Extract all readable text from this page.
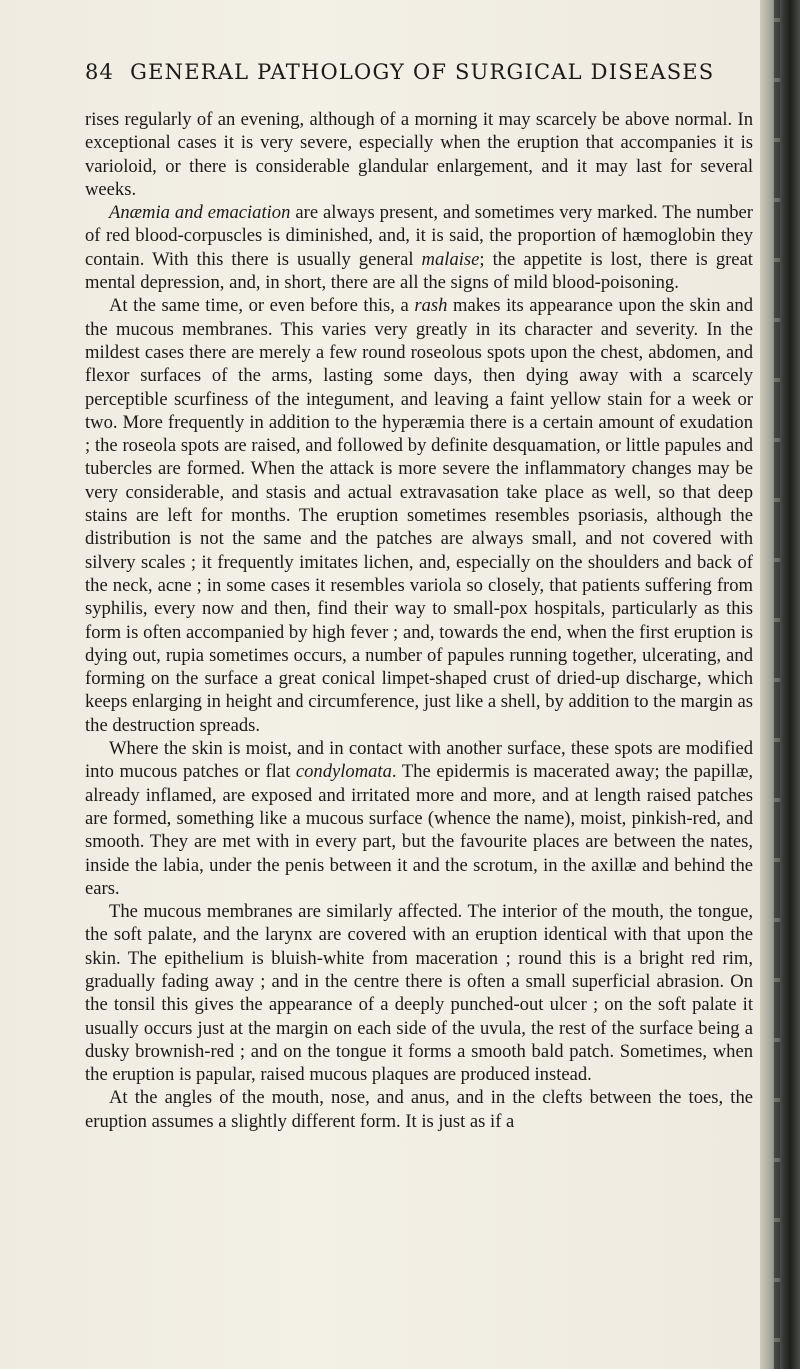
84 GENERAL PATHOLOGY OF SURGICAL DISEASES

rises regularly of an evening, although of a morning it may scarcely be above normal. In exceptional cases it is very severe, especially when the eruption that accompanies it is varioloid, or there is considerable glandular enlargement, and it may last for several weeks.

Anæmia and emaciation are always present, and sometimes very marked. The number of red blood-corpuscles is diminished, and, it is said, the proportion of hæmoglobin they contain. With this there is usually general malaise; the appetite is lost, there is great mental depression, and, in short, there are all the signs of mild blood-poisoning.

At the same time, or even before this, a rash makes its appearance upon the skin and the mucous membranes. This varies very greatly in its character and severity. In the mildest cases there are merely a few round roseolous spots upon the chest, abdomen, and flexor surfaces of the arms, lasting some days, then dying away with a scarcely perceptible scurfiness of the integument, and leaving a faint yellow stain for a week or two. More frequently in addition to the hyperæmia there is a certain amount of exudation ; the roseola spots are raised, and followed by definite desquamation, or little papules and tubercles are formed. When the attack is more severe the inflammatory changes may be very considerable, and stasis and actual extravasation take place as well, so that deep stains are left for months. The eruption sometimes resembles psoriasis, although the distribution is not the same and the patches are always small, and not covered with silvery scales ; it frequently imitates lichen, and, especially on the shoulders and back of the neck, acne ; in some cases it resembles variola so closely, that patients suffering from syphilis, every now and then, find their way to small-pox hospitals, particularly as this form is often accompanied by high fever ; and, towards the end, when the first eruption is dying out, rupia sometimes occurs, a number of papules running together, ulcerating, and forming on the surface a great conical limpet-shaped crust of dried-up discharge, which keeps enlarging in height and circumference, just like a shell, by addition to the margin as the destruction spreads.

Where the skin is moist, and in contact with another surface, these spots are modified into mucous patches or flat condylomata. The epidermis is macerated away; the papillæ, already inflamed, are exposed and irritated more and more, and at length raised patches are formed, something like a mucous surface (whence the name), moist, pinkish-red, and smooth. They are met with in every part, but the favourite places are between the nates, inside the labia, under the penis between it and the scrotum, in the axillæ and behind the ears.

The mucous membranes are similarly affected. The interior of the mouth, the tongue, the soft palate, and the larynx are covered with an eruption identical with that upon the skin. The epithelium is bluish-white from maceration ; round this is a bright red rim, gradually fading away ; and in the centre there is often a small superficial abrasion. On the tonsil this gives the appearance of a deeply punched-out ulcer ; on the soft palate it usually occurs just at the margin on each side of the uvula, the rest of the surface being a dusky brownish-red ; and on the tongue it forms a smooth bald patch. Sometimes, when the eruption is papular, raised mucous plaques are produced instead.

At the angles of the mouth, nose, and anus, and in the clefts between the toes, the eruption assumes a slightly different form. It is just as if a
